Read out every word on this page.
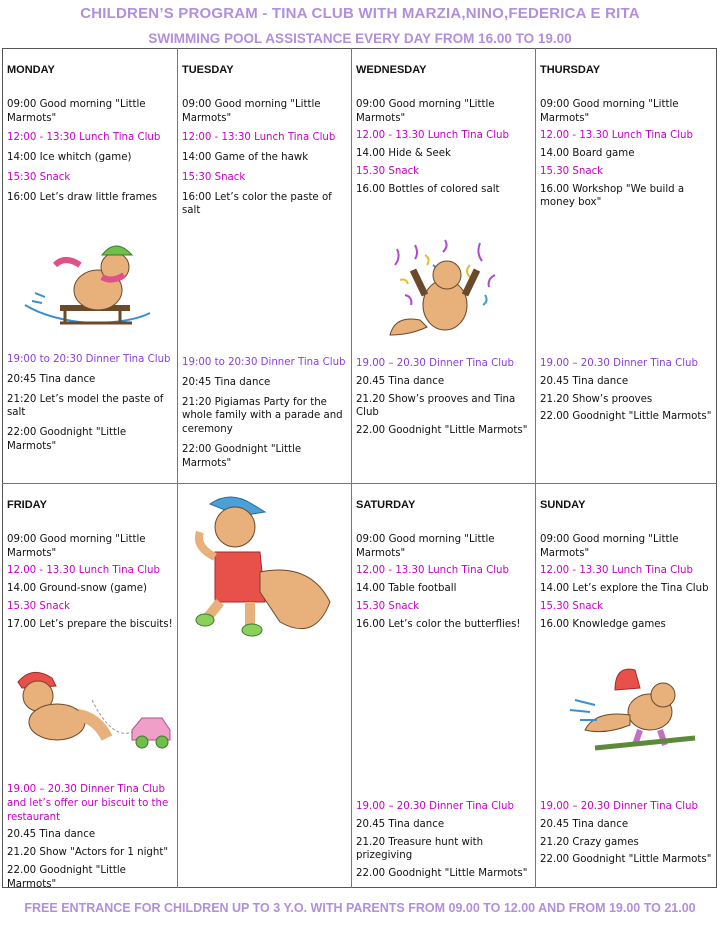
CHILDREN’S PROGRAM - TINA CLUB WITH MARZIA,NINO,FEDERICA E RITA
SWIMMING POOL ASSISTANCE EVERY DAY FROM 16.00 TO 19.00
MONDAY
09:00 Good morning "Little Marmots"
12:00 - 13:30 Lunch Tina Club
14:00 Ice whitch (game)
15:30 Snack
16:00 Let’s draw little frames
19:00 to 20:30 Dinner Tina Club
20:45 Tina dance
21:20 Let’s model the paste of salt
22:00 Goodnight "Little Marmots"
TUESDAY
09:00 Good morning "Little Marmots"
12:00 - 13:30 Lunch Tina Club
14:00 Game of the hawk
15:30 Snack
16:00 Let’s color the paste of salt
19:00 to 20:30 Dinner Tina Club
20:45 Tina dance
21:20 Pigiamas Party for the whole family with a parade and ceremony
22:00 Goodnight "Little Marmots"
WEDNESDAY
09:00 Good morning "Little Marmots"
12.00 - 13.30 Lunch Tina Club
14.00 Hide & Seek
15.30 Snack
16.00 Bottles of colored salt
19.00 – 20.30 Dinner Tina Club
20.45 Tina dance
21.20 Show’s prooves and Tina Club
22.00 Goodnight "Little Marmots"
THURSDAY
09:00 Good morning "Little Marmots"
12.00 - 13.30 Lunch Tina Club
14.00 Board game
15.30 Snack
16.00 Workshop "We build a money box"
19.00 – 20.30 Dinner Tina Club
20.45 Tina dance
21.20 Show’s prooves
22.00 Goodnight "Little Marmots"
FRIDAY
09:00 Good morning "Little Marmots"
12.00 - 13.30 Lunch Tina Club
14.00 Ground-snow (game)
15.30 Snack
17.00 Let’s prepare the biscuits!
19.00 – 20.30 Dinner Tina Club and let’s offer our biscuit to the restaurant
20.45 Tina dance
21.20 Show "Actors for 1 night"
22.00 Goodnight "Little Marmots"
SATURDAY
09:00 Good morning "Little Marmots"
12.00 - 13.30 Lunch Tina Club
14.00 Table football
15.30 Snack
16.00 Let’s color the butterflies!
19.00 – 20.30 Dinner Tina Club
20.45 Tina dance
21.20 Treasure hunt with prizegiving
22.00 Goodnight "Little Marmots"
SUNDAY
09:00 Good morning "Little Marmots"
12.00 - 13.30 Lunch Tina Club
14.00 Let’s explore the Tina Club
15.30 Snack
16.00 Knowledge games
19.00 – 20.30 Dinner Tina Club
20.45 Tina dance
21.20 Crazy games
22.00 Goodnight "Little Marmots"
FREE ENTRANCE FOR CHILDREN UP TO 3 Y.O. WITH PARENTS FROM 09.00 TO 12.00 AND FROM 19.00 TO 21.00
